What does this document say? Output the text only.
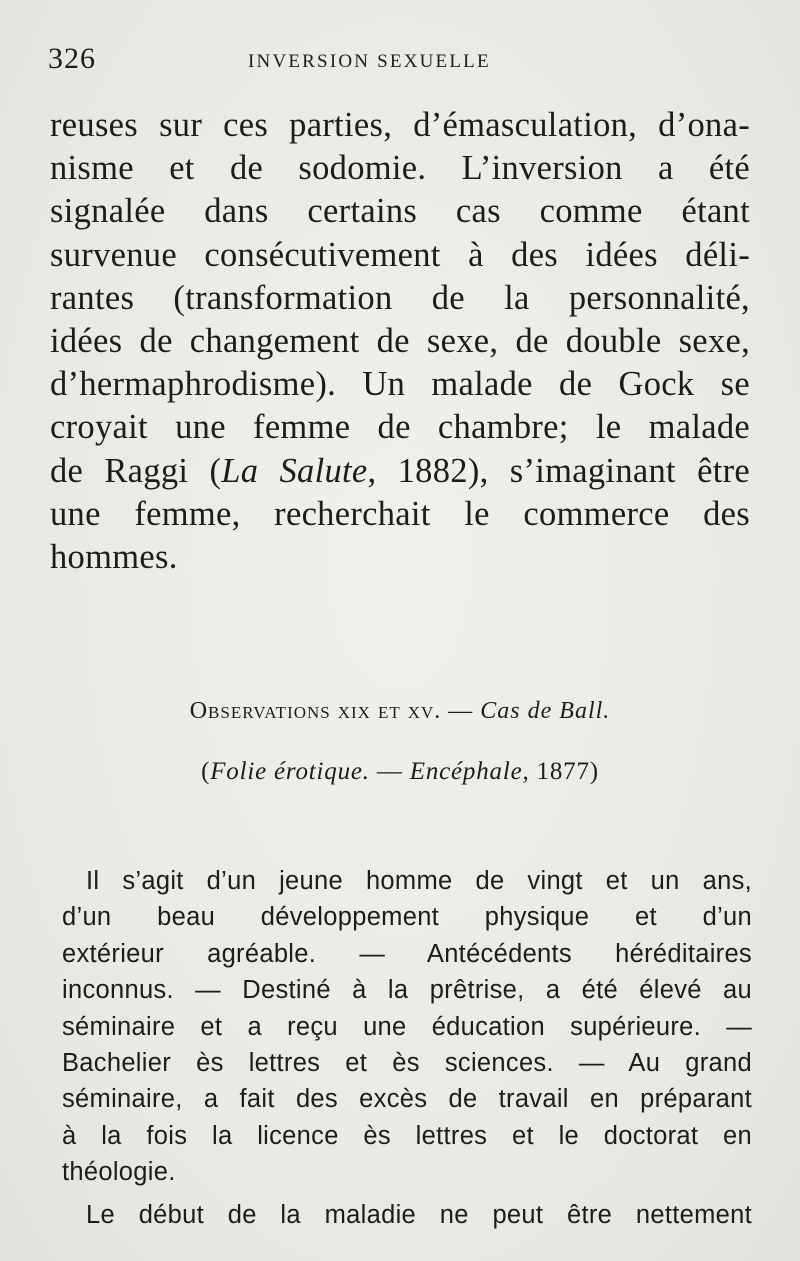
326	INVERSION SEXUELLE
reuses sur ces parties, d’émasculation, d’ona-
nisme et de sodomie. L’inversion a été
signalée dans certains cas comme étant
survenue consécutivement à des idées déli-
rantes (transformation de la personnalité,
idées de changement de sexe, de double sexe,
d’hermaphrodisme). Un malade de Gock se
croyait une femme de chambre; le malade
de Raggi (La Salute, 1882), s’imaginant être
une femme, recherchait le commerce des
hommes.
Observations xix et xv. — Cas de Ball.
(Folie érotique. — Encéphale, 1877)
Il s’agit d’un jeune homme de vingt et un ans,
d’un beau développement physique et d’un
extérieur agréable. — Antécédents héréditaires
inconnus. — Destiné à la prêtrise, a été élevé au
séminaire et a reçu une éducation supérieure. —
Bachelier ès lettres et ès sciences. — Au grand
séminaire, a fait des excès de travail en préparant
à la fois la licence ès lettres et le doctorat en
théologie.
Le début de la maladie ne peut être nettement
